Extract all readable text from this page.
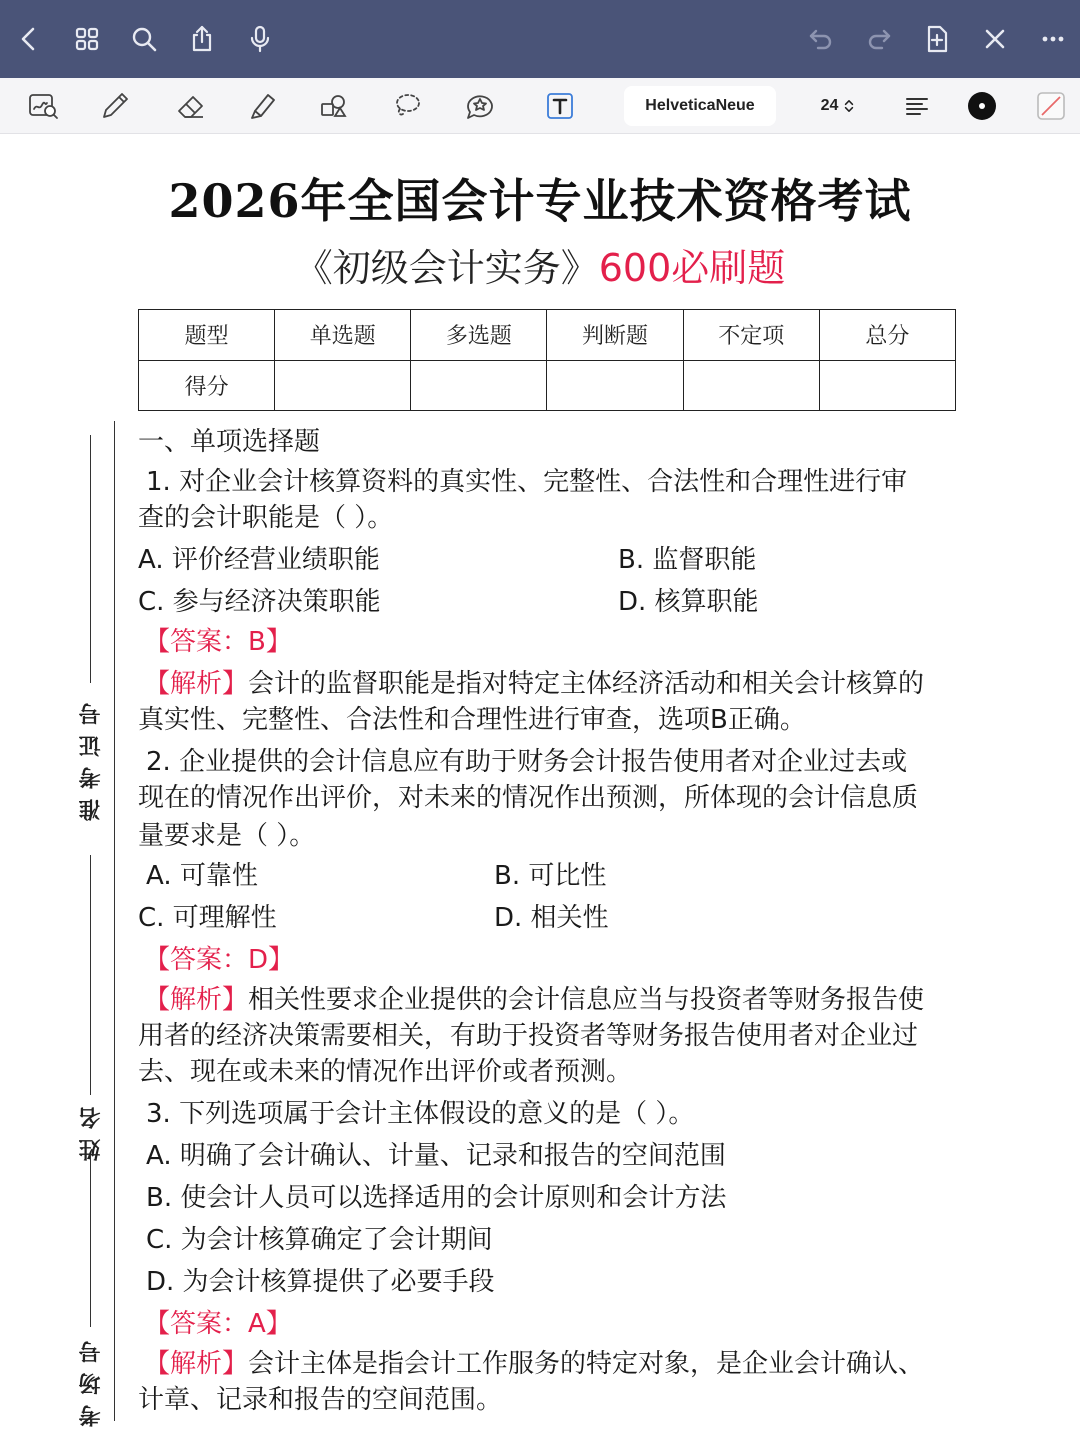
HelveticaNeue	24
2026年全国会计专业技术资格考试
《初级会计实务》600必刷题
题型	单选题	多选题	判断题	不定项	总分
得分					
准考证号
姓名
考场号
一、单项选择题
1. 对企业会计核算资料的真实性、完整性、合法性和合理性进行审
查的会计职能是（ ）。
A. 评价经营业绩职能	B. 监督职能
C. 参与经济决策职能	D. 核算职能
【答案：B】
【解析】会计的监督职能是指对特定主体经济活动和相关会计核算的
真实性、完整性、合法性和合理性进行审查，选项B正确。
2. 企业提供的会计信息应有助于财务会计报告使用者对企业过去或
现在的情况作出评价，对未来的情况作出预测，所体现的会计信息质
量要求是（ ）。
A. 可靠性	B. 可比性
C. 可理解性	D. 相关性
【答案：D】
【解析】相关性要求企业提供的会计信息应当与投资者等财务报告使
用者的经济决策需要相关，有助于投资者等财务报告使用者对企业过
去、现在或未来的情况作出评价或者预测。
3. 下列选项属于会计主体假设的意义的是（ ）。
A. 明确了会计确认、计量、记录和报告的空间范围
B. 使会计人员可以选择适用的会计原则和会计方法
C. 为会计核算确定了会计期间
D. 为会计核算提供了必要手段
【答案：A】
【解析】会计主体是指会计工作服务的特定对象，是企业会计确认、
计章、记录和报告的空间范围。
